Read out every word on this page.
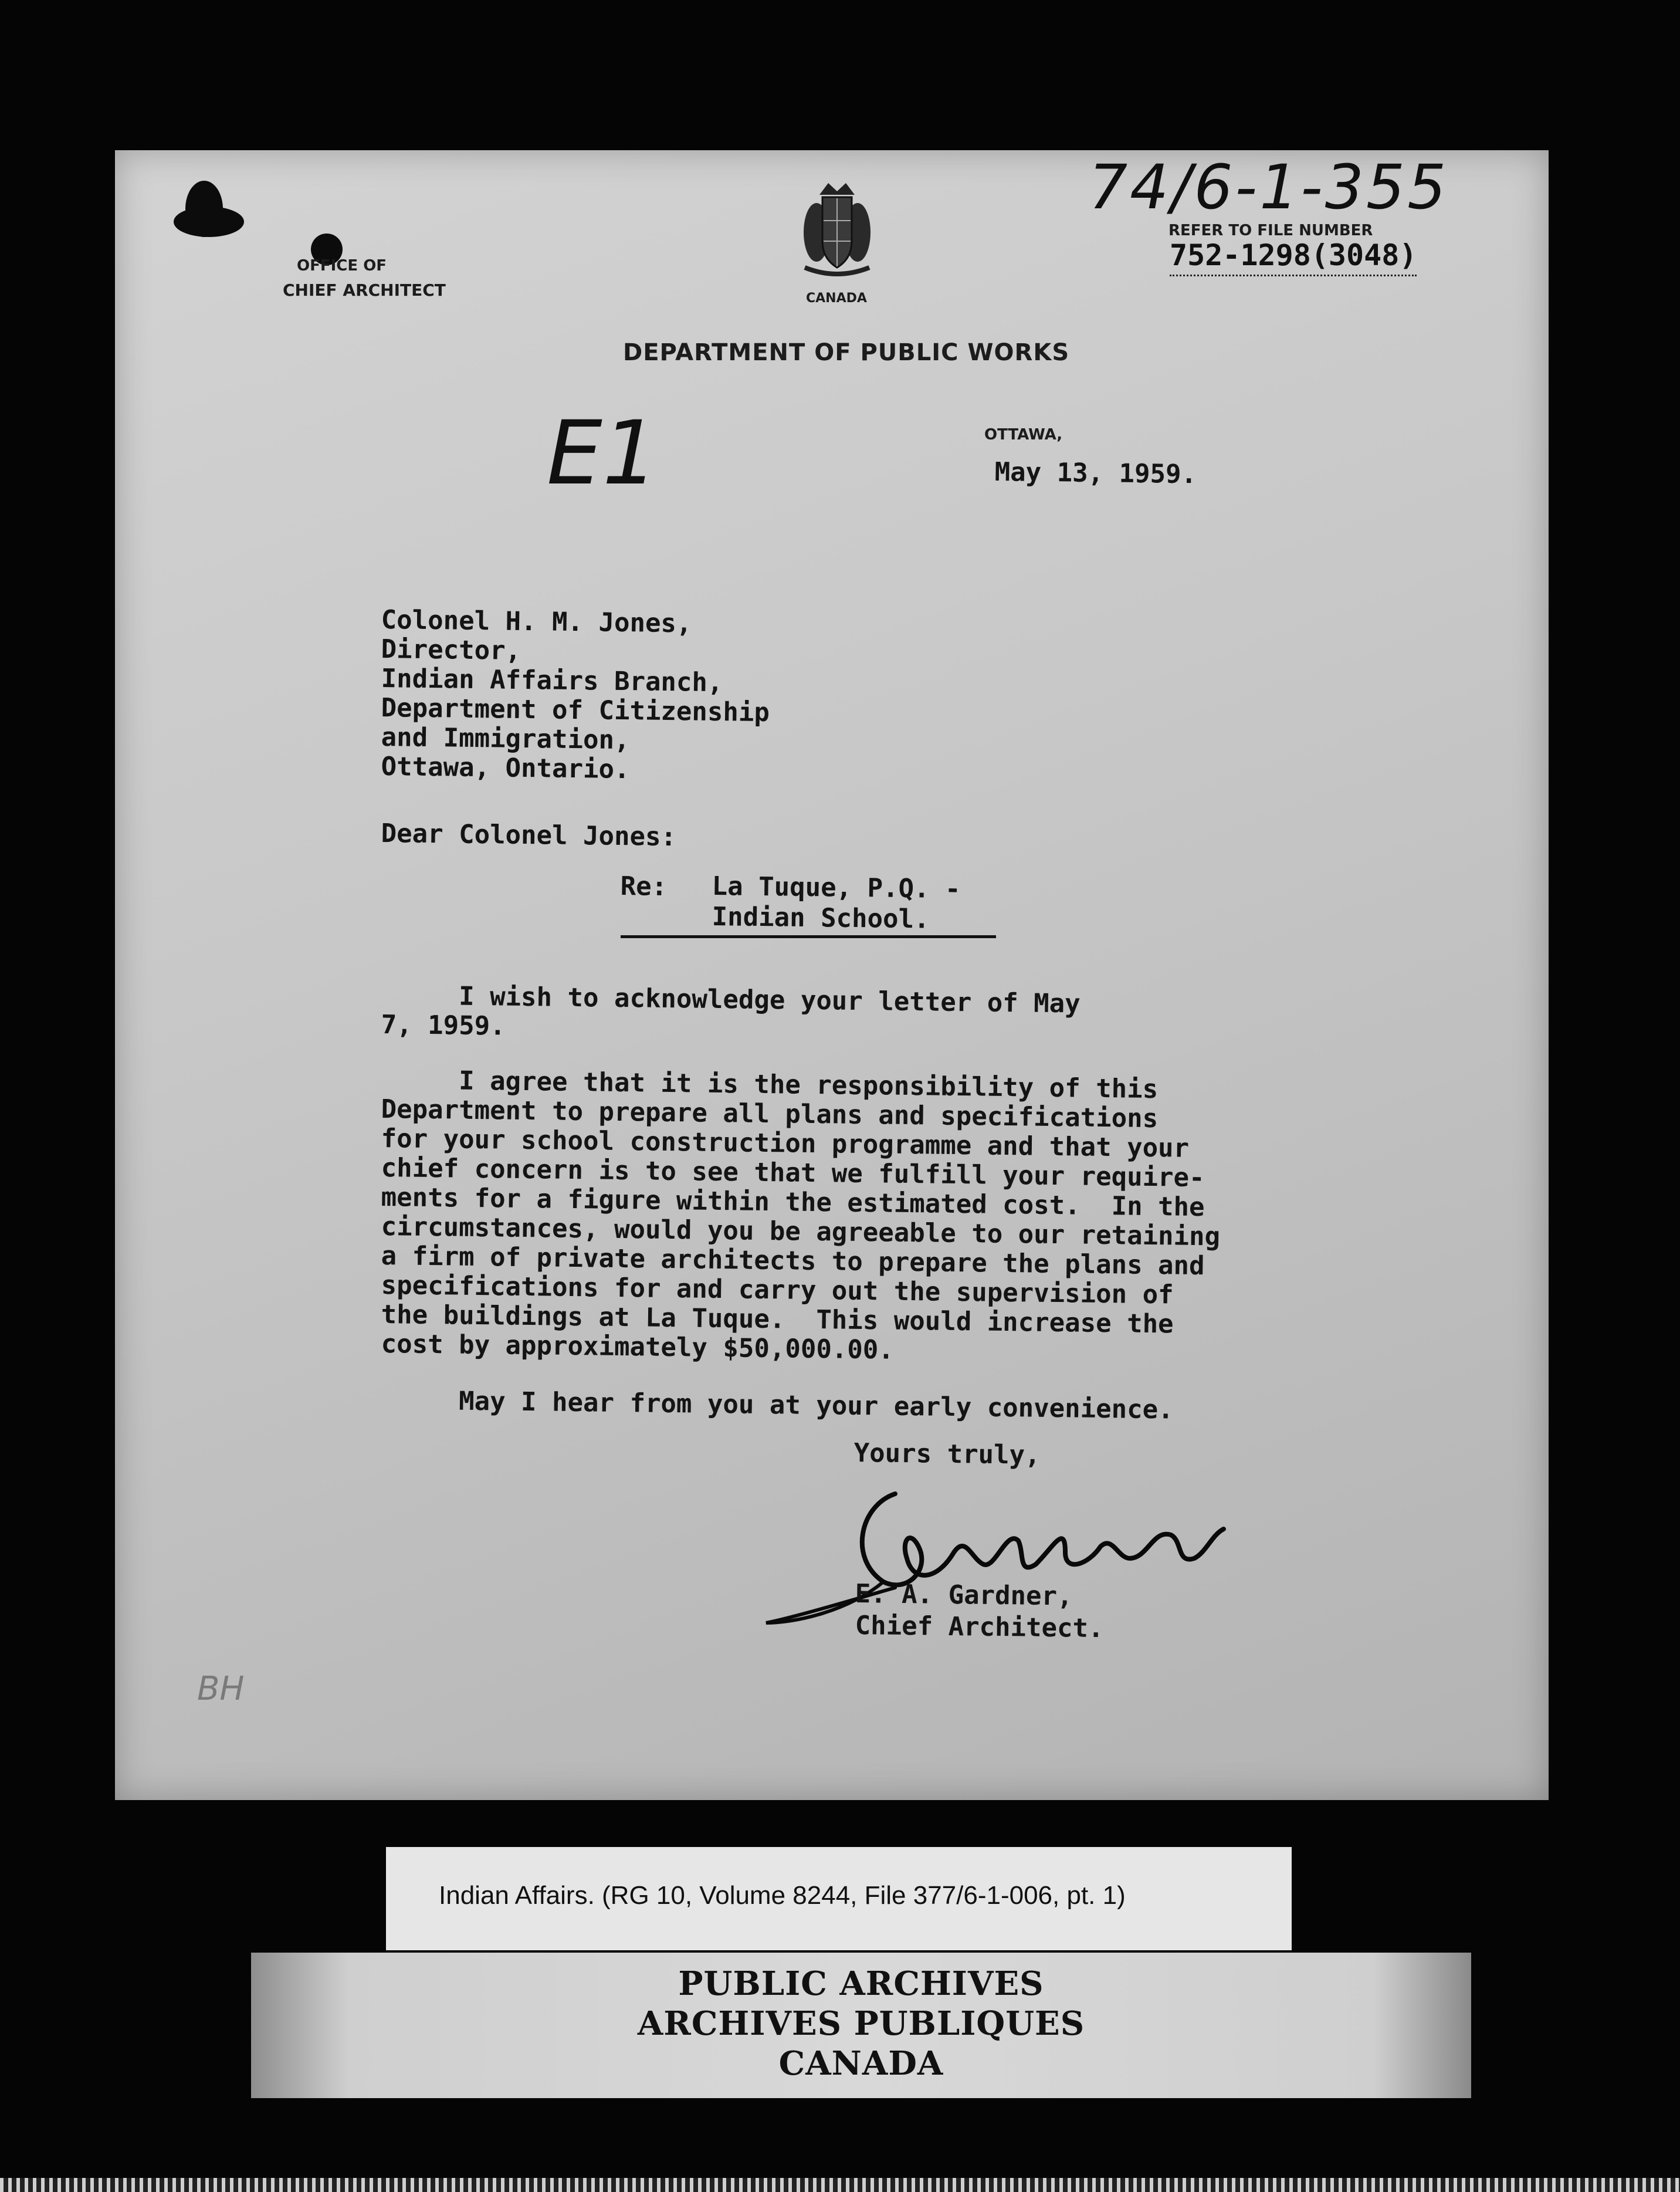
OFFICE OF
CHIEF ARCHITECT	CANADA
DEPARTMENT OF PUBLIC WORKS
74/6-1-355
REFER TO FILE NUMBER
752-1298(3048)
OTTAWA,
May 13, 1959.
E1
Colonel H. M. Jones,
Director,
Indian Affairs Branch,
Department of Citizenship
and Immigration,
Ottawa, Ontario.
Dear Colonel Jones:
Re: La Tuque, P.Q. -
Indian School.
I wish to acknowledge your letter of May
7, 1959.
I agree that it is the responsibility of this
Department to prepare all plans and specifications
for your school construction programme and that your
chief concern is to see that we fulfill your require-
ments for a figure within the estimated cost.  In the
circumstances, would you be agreeable to our retaining
a firm of private architects to prepare the plans and
specifications for and carry out the supervision of
the buildings at La Tuque.  This would increase the
cost by approximately $50,000.00.
May I hear from you at your early convenience.
Yours truly,
E. A. Gardner,
Chief Architect.
BH
Indian Affairs. (RG 10, Volume 8244, File 377/6-1-006, pt. 1)
PUBLIC ARCHIVES
ARCHIVES PUBLIQUES
CANADA
